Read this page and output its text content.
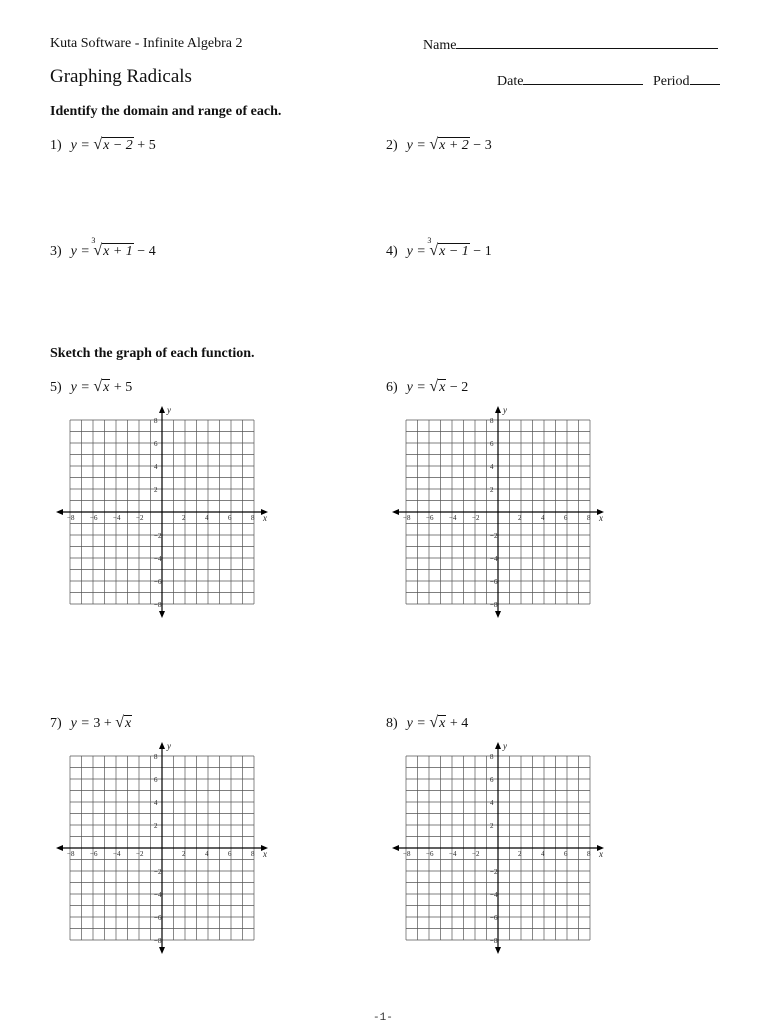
Kuta Software - Infinite Algebra 2	Name
Graphing Radicals	Date	Period
Identify the domain and range of each.
1) y = √x − 2 + 5	2) y = √x + 2 − 3
3) y =
3
√x + 1 − 4	4) y =
3
√x − 1 − 1
Sketch the graph of each function.
5) y = √x + 5	6) y = √x − 2
7) y = 3 + √x	8) y = √x + 4
x
y
−8 −6 −4 −2	2	4	6	8
8
6
4
2
−2
−4
−6
−8
x
y
−8 −6 −4 −2	2	4	6	8
8
6
4
2
−2
−4
−6
−8
x
y
−8 −6 −4 −2	2	4	6	8
8
6
4
2
−2
−4
−6
−8
x
y
−8 −6 −4 −2	2	4	6	8
8
6
4
2
−2
−4
−6
−8
-1-
